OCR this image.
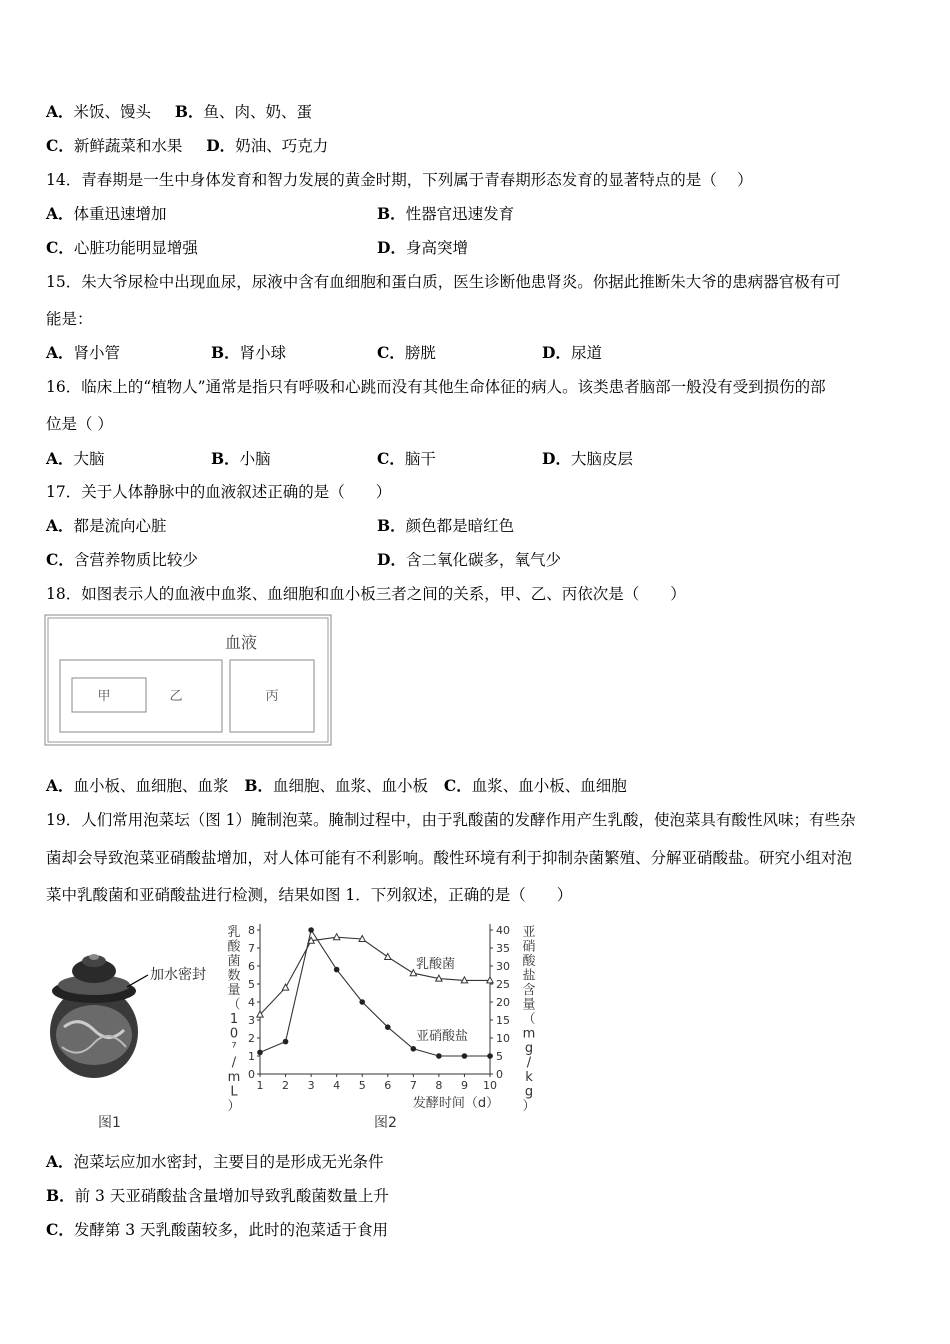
A．米饭、馒头 B．鱼、肉、奶、蛋
C．新鲜蔬菜和水果 D．奶油、巧克力
14．青春期是一生中身体发育和智力发展的黄金时期，下列属于青春期形态发育的显著特点的是（　 ）
A．体重迅速增加	B．性器官迅速发育
C．心脏功能明显增强	D．身高突增
15．朱大爷尿检中出现血尿，尿液中含有血细胞和蛋白质，医生诊断他患肾炎。你据此推断朱大爷的患病器官极有可
能是：
A．肾小管	B．肾小球	C．膀胱	D．尿道
16．临床上的“植物人”通常是指只有呼吸和心跳而没有其他生命体征的病人。该类患者脑部一般没有受到损伤的部
位是（ ）
A．大脑	B．小脑	C．脑干	D．大脑皮层
17．关于人体静脉中的血液叙述正确的是（　　）
A．都是流向心脏	B．颜色都是暗红色
C．含营养物质比较少	D．含二氧化碳多，氧气少
18．如图表示人的血液中血浆、血细胞和血小板三者之间的关系，甲、乙、丙依次是（　　）
血液
甲	乙	丙
A．血小板、血细胞、血浆 B．血细胞、血浆、血小板 C．血浆、血小板、血细胞
19．人们常用泡菜坛（图 1）腌制泡菜。腌制过程中，由于乳酸菌的发酵作用产生乳酸，使泡菜具有酸性风味；有些杂
菌却会导致泡菜亚硝酸盐增加，对人体可能有不利影响。酸性环境有利于抑制杂菌繁殖、分解亚硝酸盐。研究小组对泡
菜中乳酸菌和亚硝酸盐进行检测，结果如图 1．下列叙述，正确的是（　　）
加水密封
图1
0
1
2
3
4
5
6
7
8
0
5
10
15
20
25
30
35
40
1 2 3 4 5 6 7 8 9 10
乳
酸
菌
数
量
（
1
0
⁷
/
m
L
）
亚
硝
酸
盐
含
量
（
m
g
/
k
g
）
发酵时间（d）
乳酸菌
亚硝酸盐
图2
A．泡菜坛应加水密封，主要目的是形成无光条件
B．前 3 天亚硝酸盐含量增加导致乳酸菌数量上升
C．发酵第 3 天乳酸菌较多，此时的泡菜适于食用
